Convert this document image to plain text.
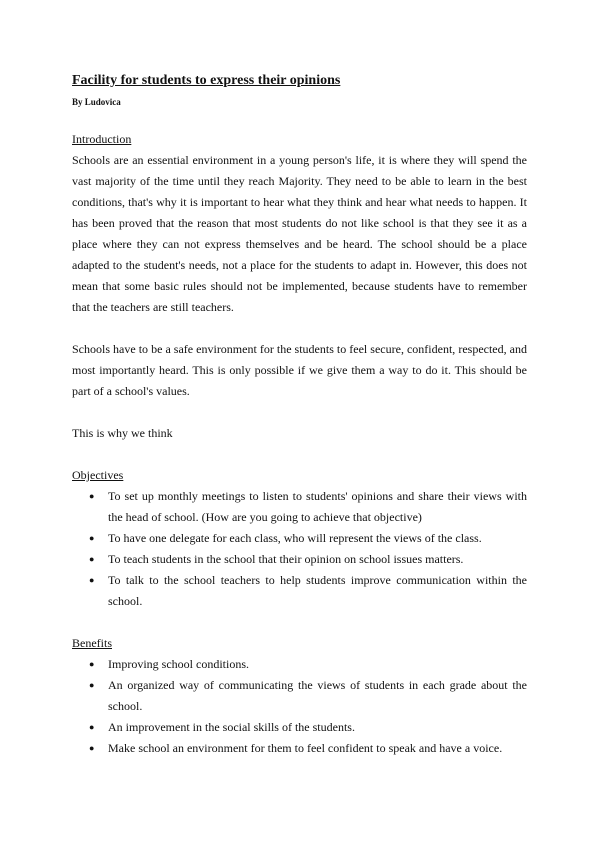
Facility for students to express their opinions
By Ludovica
Introduction

Schools are an essential environment in a young person's life, it is where they will spend the vast majority of the time until they reach Majority. They need to be able to learn in the best conditions, that's why it is important to hear what they think and hear what needs to happen. It has been proved that the reason that most students do not like school is that they see it as a place where they can not express themselves and be heard. The school should be a place adapted to the student's needs, not a place for the students to adapt in. However, this does not mean that some basic rules should not be implemented, because students have to remember that the teachers are still teachers.

Schools have to be a safe environment for the students to feel secure, confident, respected, and most importantly heard. This is only possible if we give them a way to do it. This should be part of a school's values.

This is why we think

Objectives
● To set up monthly meetings to listen to students' opinions and share their views with the head of school. (How are you going to achieve that objective)
● To have one delegate for each class, who will represent the views of the class.
● To teach students in the school that their opinion on school issues matters.
● To talk to the school teachers to help students improve communication within the school.
Benefits
● Improving school conditions.
● An organized way of communicating the views of students in each grade about the school.
● An improvement in the social skills of the students.
● Make school an environment for them to feel confident to speak and have a voice.
